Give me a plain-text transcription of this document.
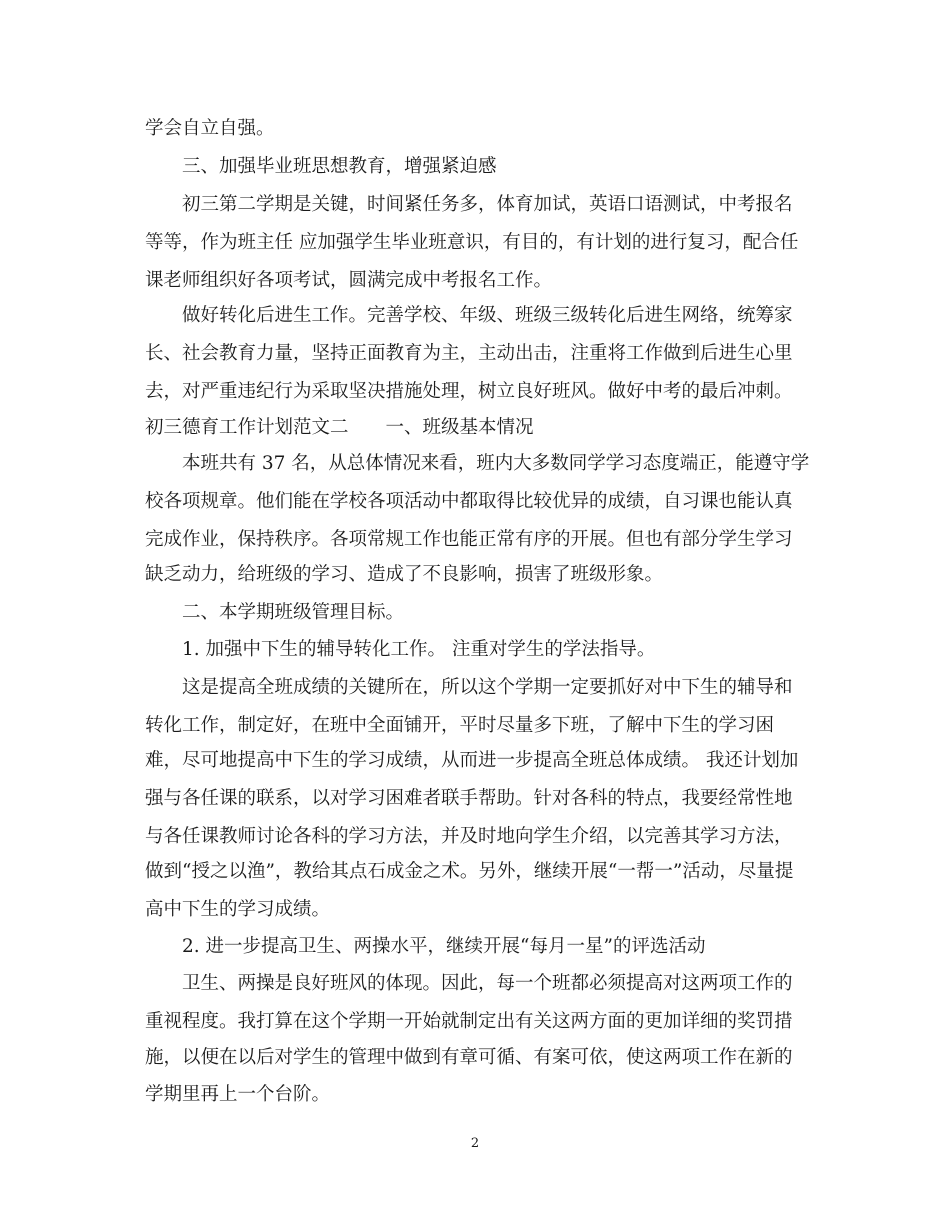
学会自立自强。
三、加强毕业班思想教育，增强紧迫感
初三第二学期是关键，时间紧任务多，体育加试，英语口语测试，中考报名
等等，作为班主任 应加强学生毕业班意识，有目的，有计划的进行复习，配合任
课老师组织好各项考试，圆满完成中考报名工作。
做好转化后进生工作。完善学校、年级、班级三级转化后进生网络，统筹家
长、社会教育力量，坚持正面教育为主，主动出击，注重将工作做到后进生心里
去，对严重违纪行为采取坚决措施处理，树立良好班风。做好中考的最后冲刺。
初三德育工作计划范文二　　一、班级基本情况
本班共有 37 名，从总体情况来看，班内大多数同学学习态度端正，能遵守学
校各项规章。他们能在学校各项活动中都取得比较优异的成绩，自习课也能认真
完成作业，保持秩序。各项常规工作也能正常有序的开展。但也有部分学生学习
缺乏动力，给班级的学习、造成了不良影响，损害了班级形象。
二、本学期班级管理目标。
1. 加强中下生的辅导转化工作。 注重对学生的学法指导。
这是提高全班成绩的关键所在，所以这个学期一定要抓好对中下生的辅导和
转化工作，制定好，在班中全面铺开，平时尽量多下班，了解中下生的学习困
难，尽可地提高中下生的学习成绩，从而进一步提高全班总体成绩。 我还计划加
强与各任课的联系，以对学习困难者联手帮助。针对各科的特点，我要经常性地
与各任课教师讨论各科的学习方法，并及时地向学生介绍，以完善其学习方法，
做到“授之以渔”，教给其点石成金之术。另外，继续开展“一帮一”活动，尽量提
高中下生的学习成绩。
2. 进一步提高卫生、两操水平，继续开展“每月一星”的评选活动
卫生、两操是良好班风的体现。因此，每一个班都必须提高对这两项工作的
重视程度。我打算在这个学期一开始就制定出有关这两方面的更加详细的奖罚措
施，以便在以后对学生的管理中做到有章可循、有案可依，使这两项工作在新的
学期里再上一个台阶。
2
